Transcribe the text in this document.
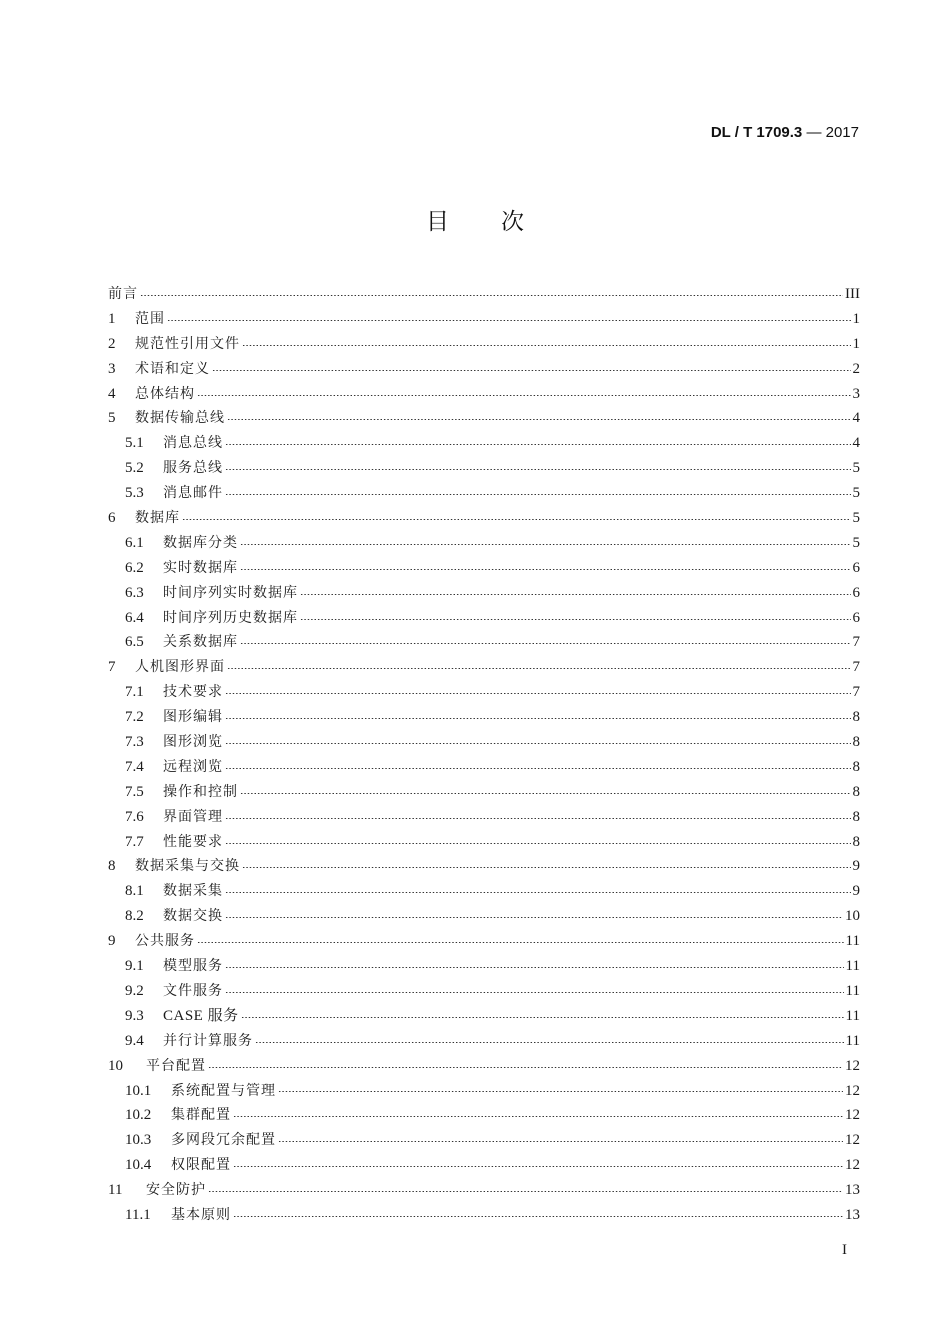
DL / T 1709.3 — 2017
目 次
前言	III
1	范围	1
2	规范性引用文件	1
3	术语和定义	2
4	总体结构	3
5	数据传输总线	4
5.1	消息总线	4
5.2	服务总线	5
5.3	消息邮件	5
6	数据库	5
6.1	数据库分类	5
6.2	实时数据库	6
6.3	时间序列实时数据库	6
6.4	时间序列历史数据库	6
6.5	关系数据库	7
7	人机图形界面	7
7.1	技术要求	7
7.2	图形编辑	8
7.3	图形浏览	8
7.4	远程浏览	8
7.5	操作和控制	8
7.6	界面管理	8
7.7	性能要求	8
8	数据采集与交换	9
8.1	数据采集	9
8.2	数据交换	10
9	公共服务	11
9.1	模型服务	11
9.2	文件服务	11
9.3	CASE 服务	11
9.4	并行计算服务	11
10	平台配置	12
10.1	系统配置与管理	12
10.2	集群配置	12
10.3	多网段冗余配置	12
10.4	权限配置	12
11	安全防护	13
11.1	基本原则	13
I
